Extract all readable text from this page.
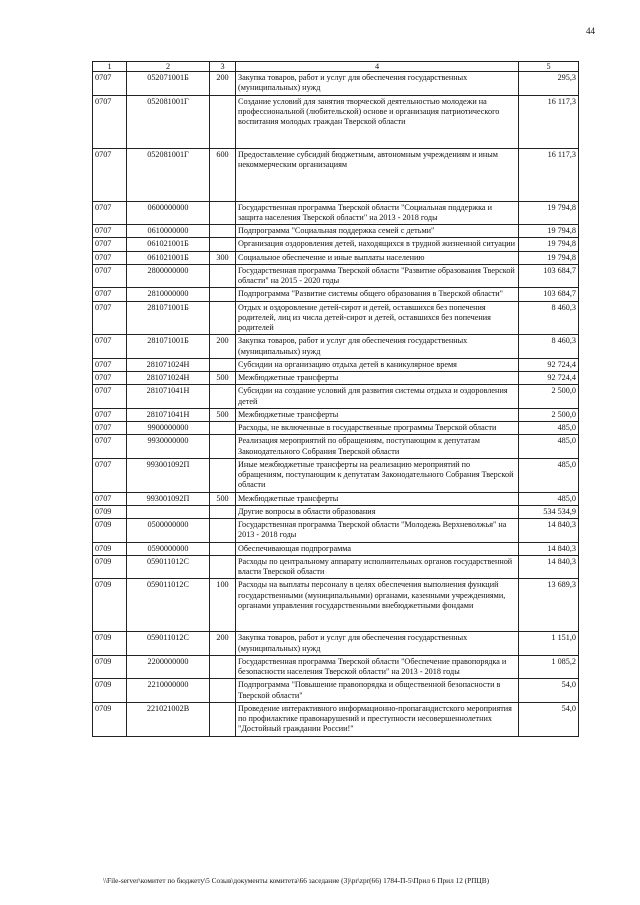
44
1	2	3	4	5
0707	052071001Б	200	Закупка товаров, работ и услуг для обеспечения государственных (муниципальных) нужд	295,3
0707	052081001Г		Создание условий для занятия творческой деятельностью молодежи на профессиональной (любительской) основе и организация патриотического воспитания молодых граждан Тверской области	16 117,3
0707	052081001Г	600	Предоставление субсидий бюджетным, автономным учреждениям и иным некоммерческим организациям	16 117,3
0707	0600000000		Государственная программа Тверской области "Социальная поддержка и защита населения Тверской области" на 2013 - 2018 годы	19 794,8
0707	0610000000		Подпрограмма "Социальная поддержка семей с детьми"	19 794,8
0707	061021001Б		Организация оздоровления детей, находящихся в трудной жизненной ситуации	19 794,8
0707	061021001Б	300	Социальное обеспечение и иные выплаты населению	19 794,8
0707	2800000000		Государственная программа Тверской области "Развитие образования Тверской области" на 2015 - 2020 годы	103 684,7
0707	2810000000		Подпрограмма "Развитие системы общего образования в Тверской области"	103 684,7
0707	281071001Б		Отдых и оздоровление детей-сирот и детей, оставшихся без попечения родителей, лиц из числа детей-сирот и детей, оставшихся без попечения родителей	8 460,3
0707	281071001Б	200	Закупка товаров, работ и услуг для обеспечения государственных (муниципальных) нужд	8 460,3
0707	281071024Н		Субсидии на организацию отдыха детей в каникулярное время	92 724,4
0707	281071024Н	500	Межбюджетные трансферты	92 724,4
0707	281071041Н		Субсидии на создание условий для развития системы отдыха и оздоровления детей	2 500,0
0707	281071041Н	500	Межбюджетные трансферты	2 500,0
0707	9900000000		Расходы, не включенные в государственные программы Тверской области	485,0
0707	9930000000		Реализация мероприятий по обращениям, поступающим к депутатам Законодательного Собрания Тверской области	485,0
0707	993001092П		Иные межбюджетные трансферты на реализацию мероприятий по обращениям, поступающим к депутатам Законодательного Собрания Тверской области	485,0
0707	993001092П	500	Межбюджетные трансферты	485,0
0709			Другие вопросы в области образования	534 534,9
0709	0500000000		Государственная программа Тверской области "Молодежь Верхневолжья" на 2013 - 2018 годы	14 840,3
0709	0590000000		Обеспечивающая подпрограмма	14 840,3
0709	059011012С		Расходы по центральному аппарату исполнительных органов государственной власти Тверской области	14 840,3
0709	059011012С	100	Расходы на выплаты персоналу в целях обеспечения выполнения функций государственными (муниципальными) органами, казенными учреждениями, органами управления государственными внебюджетными фондами	13 689,3
0709	059011012С	200	Закупка товаров, работ и услуг для обеспечения государственных (муниципальных) нужд	1 151,0
0709	2200000000		Государственная программа Тверской области "Обеспечение правопорядка и безопасности населения Тверской области" на 2013 - 2018 годы	1 085,2
0709	2210000000		Подпрограмма "Повышение правопорядка и общественной безопасности в Тверской области"	54,0
0709	221021002В		Проведение интерактивного информационно-пропагандистского мероприятия по профилактике правонарушений и преступности несовершеннолетних "Достойный гражданин России!"	54,0
\\File-server\комитет по бюджету\5 Созыв\документы комитета\66 заседание (3)\pr\zpr(66) 1784-П-5\Прил 6 Прил 12 (РПЦВ)
